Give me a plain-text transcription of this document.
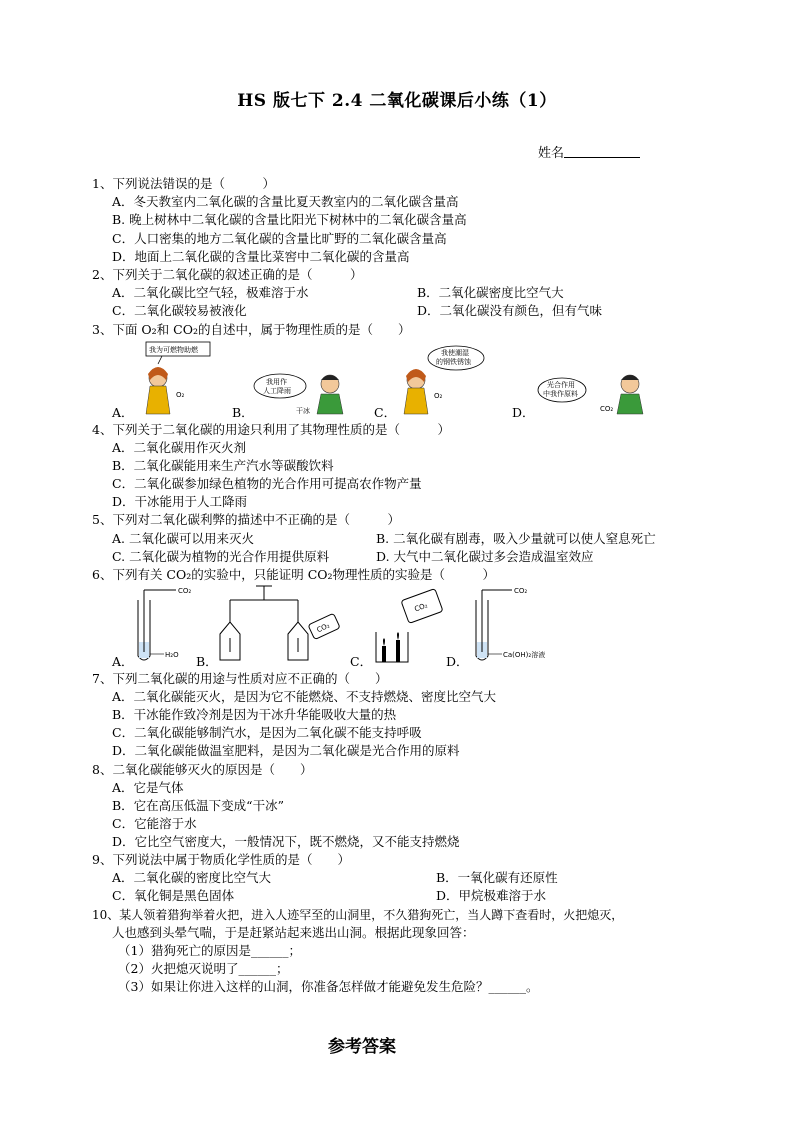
HS 版七下 2.4 二氧化碳课后小练（1）
姓名
1、下列说法错误的是（　　　）
A．冬天教室内二氧化碳的含量比夏天教室内的二氧化碳含量高
B. 晚上树林中二氧化碳的含量比阳光下树林中的二氧化碳含量高
C．人口密集的地方二氧化碳的含量比旷野的二氧化碳含量高
D．地面上二氧化碳的含量比菜窖中二氧化碳的含量高
2、下列关于二氧化碳的叙述正确的是（　　　）
A．二氧化碳比空气轻，极难溶于水	B．二氧化碳密度比空气大
C．二氧化碳较易被液化	D．二氧化碳没有颜色，但有气味
3、下面 O₂和 CO₂的自述中，属于物理性质的是（　　）
我为可燃物助燃
O₂
我用作
人工降雨
干冰
我使潮湿
的钢铁锈蚀
O₂
光合作用
中我作原料
CO₂
A．	B．	C．	D．
4、下列关于二氧化碳的用途只利用了其物理性质的是（　　　）
A．二氧化碳用作灭火剂
B．二氧化碳能用来生产汽水等碳酸饮料
C．二氧化碳参加绿色植物的光合作用可提高农作物产量
D．干冰能用于人工降雨
5、下列对二氧化碳利弊的描述中不正确的是（　　　）
A. 二氧化碳可以用来灭火	B. 二氧化碳有剧毒，吸入少量就可以使人窒息死亡
C. 二氧化碳为植物的光合作用提供原料	D. 大气中二氧化碳过多会造成温室效应
6、下列有关 CO₂的实验中，只能证明 CO₂物理性质的实验是（　　　）
CO₂
H₂O
CO₂
CO₂
CO₂
Ca(OH)₂溶液
A．	B．	C．	D．
7、下列二氧化碳的用途与性质对应不正确的（　　）
A．二氧化碳能灭火，是因为它不能燃烧、不支持燃烧、密度比空气大
B．干冰能作致冷剂是因为干冰升华能吸收大量的热
C．二氧化碳能够制汽水，是因为二氧化碳不能支持呼吸
D．二氧化碳能做温室肥料，是因为二氧化碳是光合作用的原料
8、二氧化碳能够灭火的原因是（　　）
A．它是气体
B．它在高压低温下变成“干冰”
C．它能溶于水
D．它比空气密度大，一般情况下，既不燃烧，又不能支持燃烧
9、下列说法中属于物质化学性质的是（　　）
A．二氧化碳的密度比空气大	B．一氧化碳有还原性
C．氧化铜是黑色固体	D．甲烷极难溶于水
10、某人领着猎狗举着火把，进入人迹罕至的山洞里，不久猎狗死亡，当人蹲下查看时，火把熄灭，
人也感到头晕气喘，于是赶紧站起来逃出山洞。根据此现象回答：
（1）猎狗死亡的原因是______；
（2）火把熄灭说明了______；
（3）如果让你进入这样的山洞，你准备怎样做才能避免发生危险？______。
参考答案
